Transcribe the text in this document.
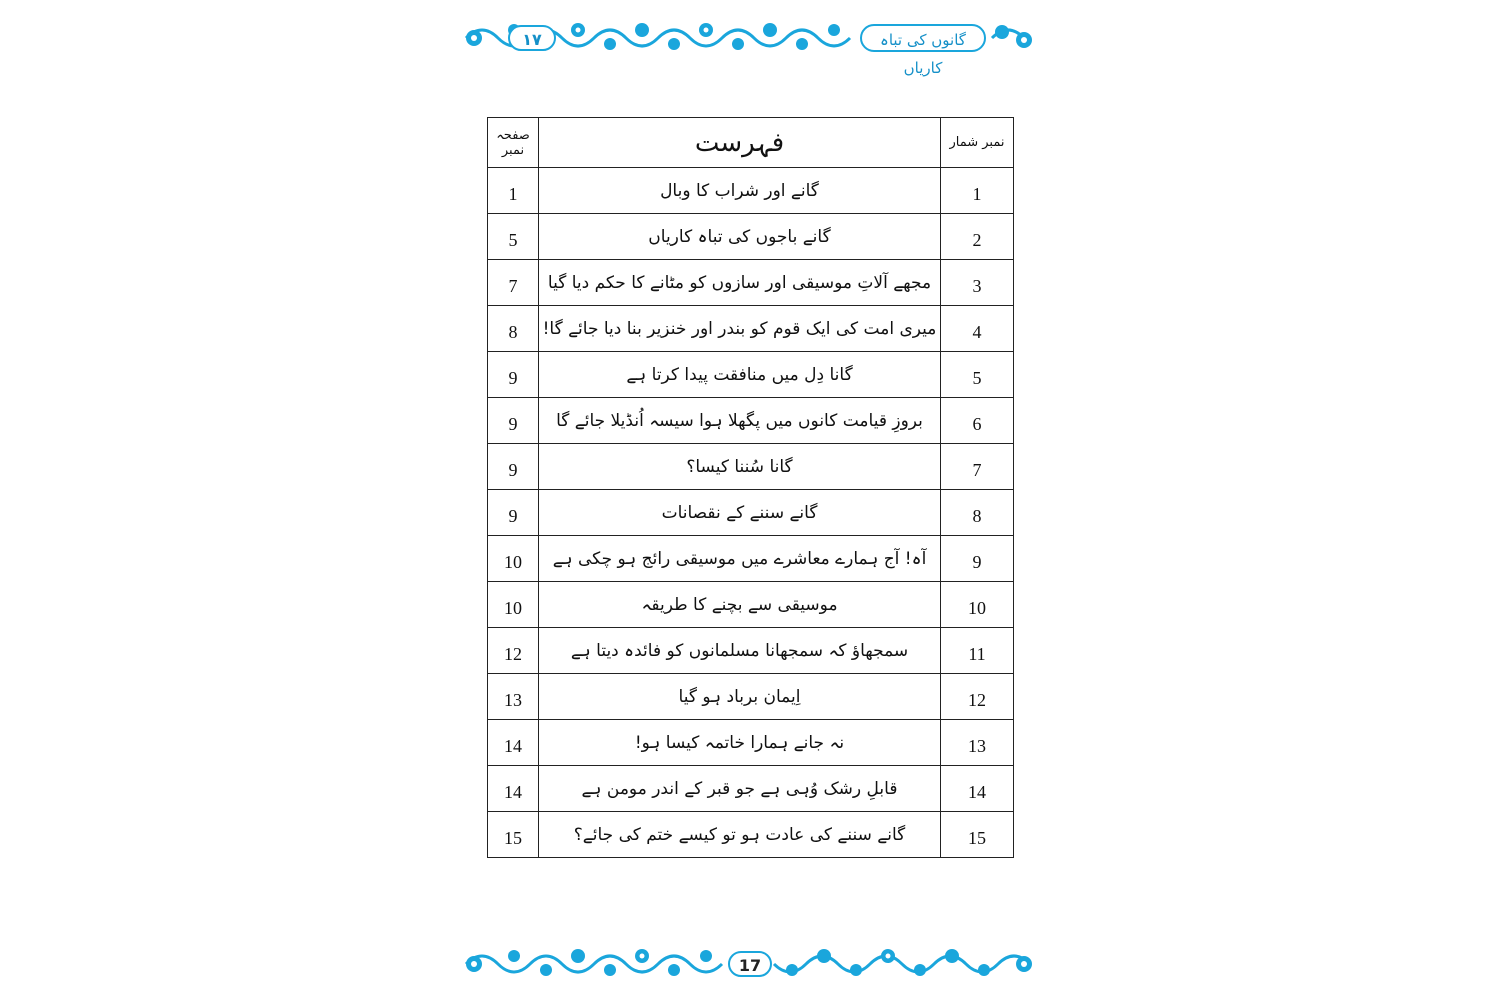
۱۷	گانوں کی تباہ کاریاں
صفحہ نمبر	فہرست	نمبر شمار
1	گانے اور شراب کا وبال	1
5	گانے باجوں کی تباہ کاریاں	2
7	مجھے آلاتِ موسیقی اور سازوں کو مٹانے کا حکم دیا گیا	3
8	میری امت کی ایک قوم کو بندر اور خنزیر بنا دیا جائے گا!	4
9	گانا دِل میں منافقت پیدا کرتا ہے	5
9	بروزِ قیامت کانوں میں پگھلا ہوا سیسہ اُنڈیلا جائے گا	6
9	گانا سُننا کیسا؟	7
9	گانے سننے کے نقصانات	8
10	آہ! آج ہمارے معاشرے میں موسیقی رائج ہو چکی ہے	9
10	موسیقی سے بچنے کا طریقہ	10
12	سمجھاؤ کہ سمجھانا مسلمانوں کو فائدہ دیتا ہے	11
13	اِیمان برباد ہو گیا	12
14	نہ جانے ہمارا خاتمہ کیسا ہو!	13
14	قابلِ رشک وُہی ہے جو قبر کے اندر مومن ہے	14
15	گانے سننے کی عادت ہو تو کیسے ختم کی جائے؟	15
17
